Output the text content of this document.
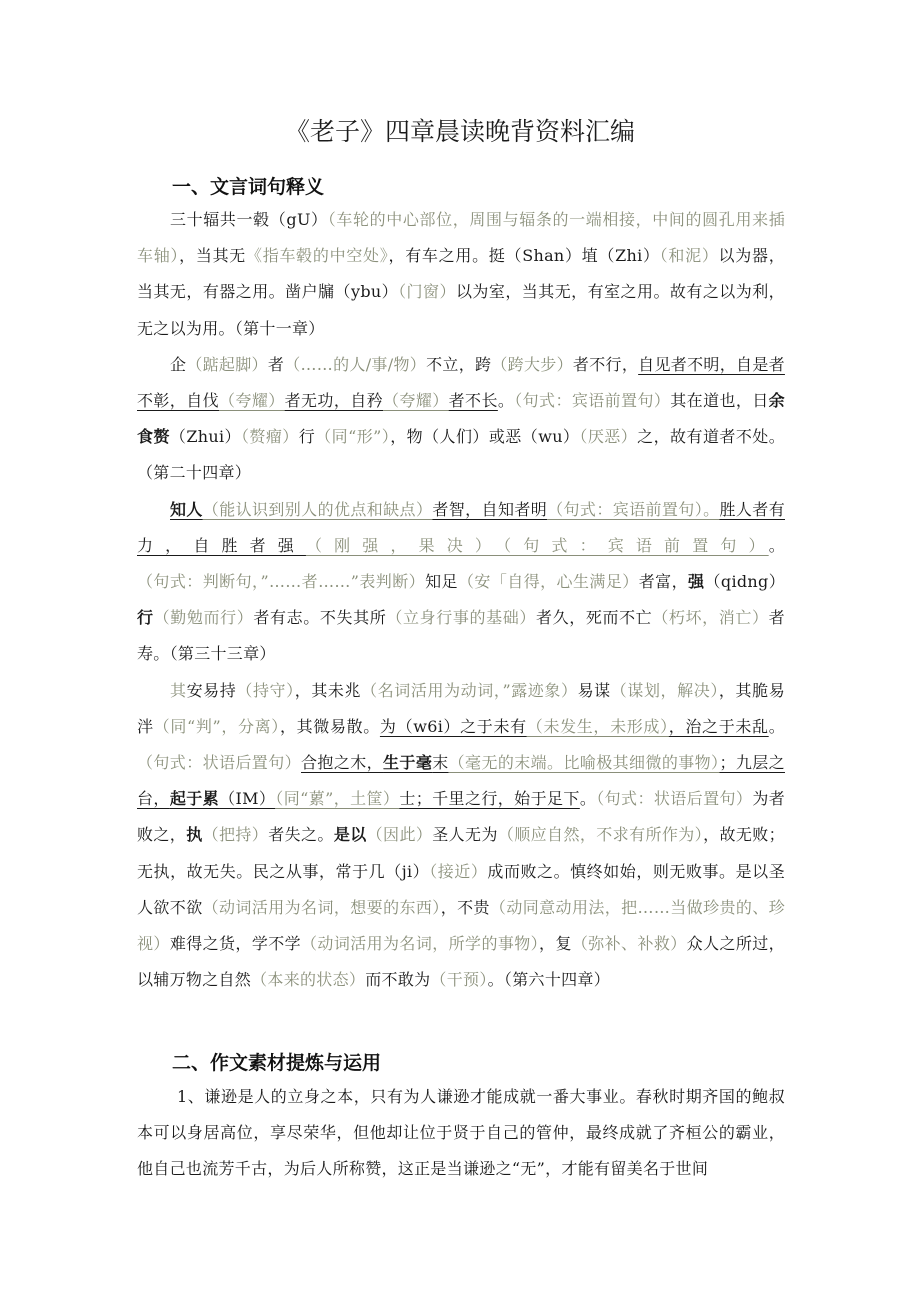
《老子》四章晨读晚背资料汇编
一、文言词句释义

三十辐共一毂（gU）（车轮的中心部位，周围与辐条的一端相接，中间的圆孔用来插车轴），当其无《指车毂的中空处》，有车之用。挺（Shan）埴（Zhi）（和泥）以为器，当其无，有器之用。凿户牖（ybu）（门窗）以为室，当其无，有室之用。故有之以为利，无之以为用。（第十一章）

企（踮起脚）者（……的人/事/物）不立，跨（跨大步）者不行，自见者不明，自是者不彰，自伐（夸耀）者无功，自矜（夸耀）者不长。（句式：宾语前置句）其在道也，日余食赘（Zhui）（赘瘤）行（同“形”），物（人们）或恶（wu）（厌恶）之，故有道者不处。（第二十四章）

知人（能认识到别人的优点和缺点）者智，自知者明（句式：宾语前置句）。胜人者有力，自胜者强（刚强，果决）（句式：宾语前置句）。（句式：判断句，”……者……”表判断）知足（安「自得，心生满足）者富，强（qidng）行（勤勉而行）者有志。不失其所（立身行事的基础）者久，死而不亡（朽坏，消亡）者寿。（第三十三章）

其安易持（持守），其未兆（名词活用为动词，”露迹象）易谋（谋划，解决），其脆易泮（同“判”，分离），其微易散。为（w6i）之于未有（未发生，未形成），治之于未乱。（句式：状语后置句）合抱之木，生于毫末（毫无的末端。比喻极其细微的事物）；九层之台，起于累（IM）（同“蔂”，土筐）士；千里之行，始于足下。（句式：状语后置句）为者败之，执（把持）者失之。是以（因此）圣人无为（顺应自然，不求有所作为），故无败；无执，故无失。民之从事，常于几（ji）（接近）成而败之。慎终如始，则无败事。是以圣人欲不欲（动词活用为名词，想要的东西），不贵（动同意动用法，把……当做珍贵的、珍视）难得之货，学不学（动词活用为名词，所学的事物），复（弥补、补救）众人之所过，以辅万物之自然（本来的状态）而不敢为（干预）。（第六十四章）

二、作文素材提炼与运用

1、谦逊是人的立身之本，只有为人谦逊才能成就一番大事业。春秋时期齐国的鲍叔本可以身居高位，享尽荣华，但他却让位于贤于自己的管仲，最终成就了齐桓公的霸业，他自己也流芳千古，为后人所称赞，这正是当谦逊之“无”，才能有留美名于世间
